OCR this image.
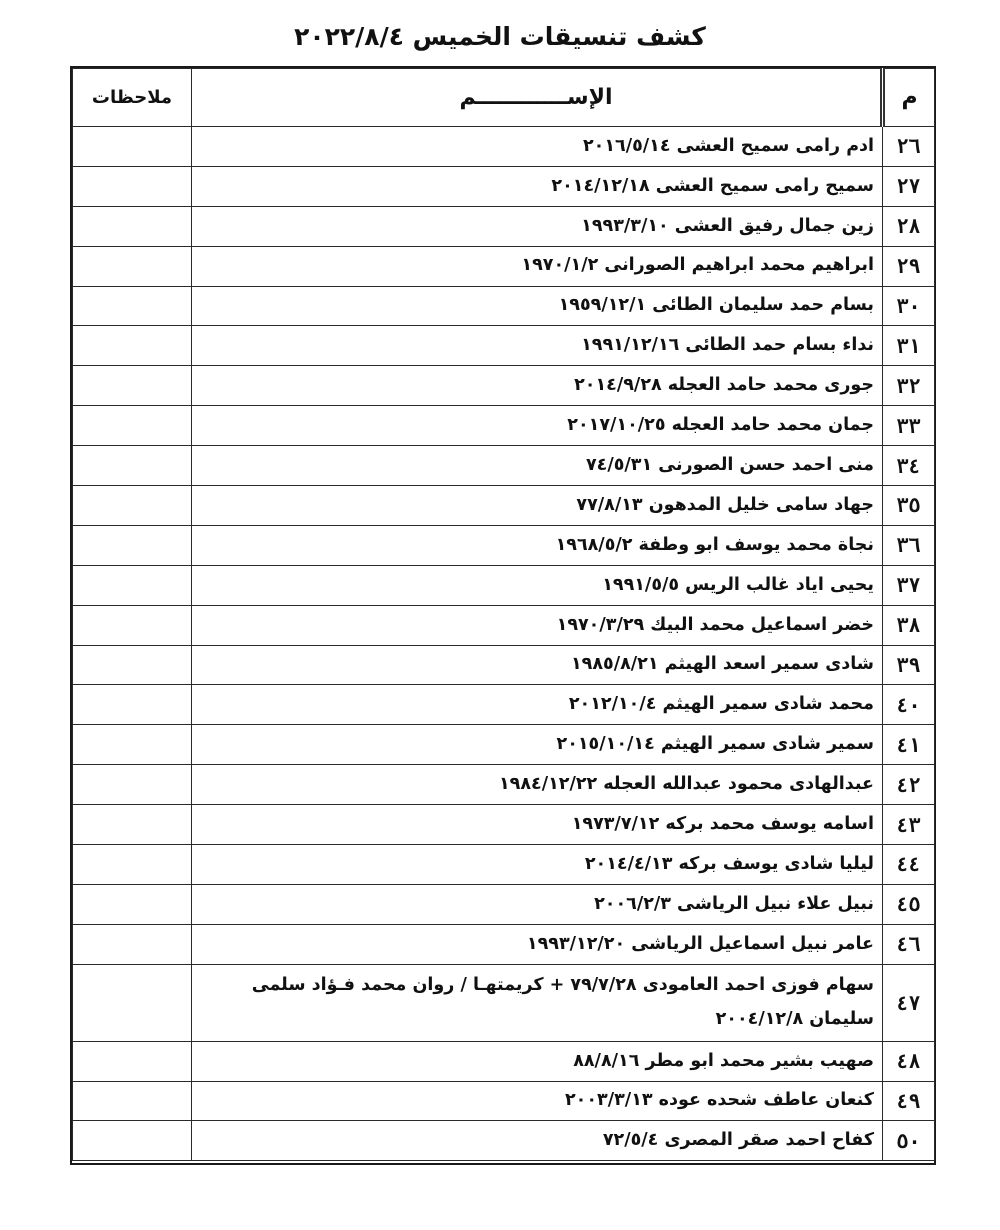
كشف تنسيقات الخميس ٢٠٢٢/٨/٤
م	الإســــــــــــم	ملاحظات
٢٦	ادم رامى سميح العشى ٢٠١٦/٥/١٤	
٢٧	سميح رامى سميح العشى ٢٠١٤/١٢/١٨	
٢٨	زين جمال رفيق العشى ١٩٩٣/٣/١٠	
٢٩	ابراهيم محمد ابراهيم الصورانى ١٩٧٠/١/٢	
٣٠	بسام حمد سليمان الطائى ١٩٥٩/١٢/١	
٣١	نداء بسام حمد الطائى ١٩٩١/١٢/١٦	
٣٢	جورى محمد حامد العجله ٢٠١٤/٩/٢٨	
٣٣	جمان محمد حامد العجله ٢٠١٧/١٠/٢٥	
٣٤	منى احمد حسن الصورنى ٧٤/٥/٣١	
٣٥	جهاد سامى خليل المدهون ٧٧/٨/١٣	
٣٦	نجاة محمد يوسف ابو وطفة ١٩٦٨/٥/٢	
٣٧	يحيى اياد غالب الريس ١٩٩١/٥/٥	
٣٨	خضر اسماعيل محمد البيك ١٩٧٠/٣/٢٩	
٣٩	شادى سمير اسعد الهيثم ١٩٨٥/٨/٢١	
٤٠	محمد شادى سمير الهيثم ٢٠١٢/١٠/٤	
٤١	سمير شادى سمير الهيثم ٢٠١٥/١٠/١٤	
٤٢	عبدالهادى محمود عبدالله العجله ١٩٨٤/١٢/٢٢	
٤٣	اسامه يوسف محمد بركه ١٩٧٣/٧/١٢	
٤٤	ليليا شادى يوسف بركه ٢٠١٤/٤/١٣	
٤٥	نبيل علاء نبيل الرياشى ٢٠٠٦/٢/٣	
٤٦	عامر نبيل اسماعيل الرياشى ١٩٩٣/١٢/٢٠	
٤٧	سهام فوزى احمد العامودى ٧٩/٧/٢٨ + كريمتهـا / روان محمد فـؤاد سلمى سليمان ٢٠٠٤/١٢/٨	
٤٨	صهيب بشير محمد ابو مطر ٨٨/٨/١٦	
٤٩	كنعان عاطف شحده عوده ٢٠٠٣/٣/١٣	
٥٠	كفاح احمد صقر المصرى ٧٢/٥/٤	
